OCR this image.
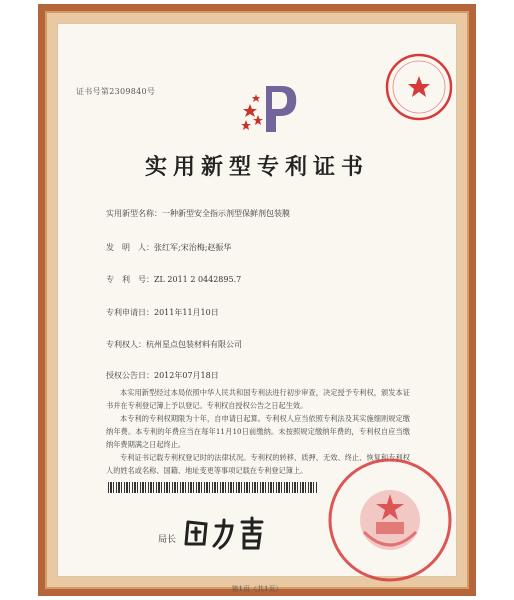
证书号第2309840号
实用新型专利证书
实用新型名称：一种新型安全指示剂型保鲜剂包装膜
发　明　人：张红军;宋治梅;赵振华
专　利　号：ZL 2011 2 0442895.7
专利申请日：2011年11月10日
专利权人：杭州星点包装材料有限公司
授权公告日：2012年07月18日

本实用新型经过本局依照中华人民共和国专利法进行初步审查，决定授予专利权，颁发本证书并在专利登记簿上予以登记。专利权自授权公告之日起生效。

本专利的专利权期限为十年，自申请日起算。专利权人应当依照专利法及其实施细则规定缴纳年费。本专利的年费应当在每年11月10日前缴纳。未按照规定缴纳年费的，专利权自应当缴纳年费期满之日起终止。

专利证书记载专利权登记时的法律状况。专利权的转移、质押、无效、终止、恢复和专利权人的姓名或名称、国籍、地址变更等事项记载在专利登记簿上。

局长
第1页（共1页）
